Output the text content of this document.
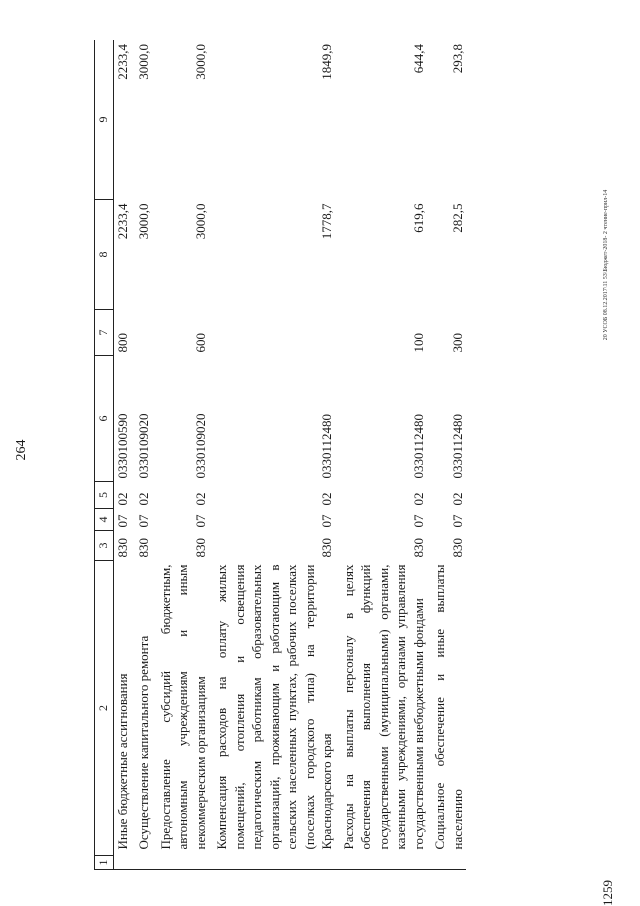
264
1259
20 УСОБ 08.12.2017\11 53\Бюджет-2018- 2 чтение-прил-14
1	2	3	4	5	6	7	8	9
	Иные бюджетные ассигнования	830	07	02	0330100590	800	2233,4	2233,4
	Осуществление капитального ремонта	830	07	02	0330109020		3000,0	3000,0
	Предоставление субсидий бюджетным, автономным учреждениям и иным некоммерческим организациям	830	07	02	0330109020	600	3000,0	3000,0
	Компенсация расходов на оплату жилых помещений, отопления и освещения педагогическим работникам образовательных организаций, проживающим и работающим в сельских населенных пунктах, рабочих поселках (поселках городского типа) на территории Краснодарского края	830	07	02	0330112480		1778,7	1849,9
	Расходы на выплаты персоналу в целях обеспечения выполнения функций государственными (муниципальными) органами, казенными учреждениями, органами управления государственными внебюджетными фондами	830	07	02	0330112480	100	619,6	644,4
	Социальное обеспечение и иные выплаты населению	830	07	02	0330112480	300	282,5	293,8
